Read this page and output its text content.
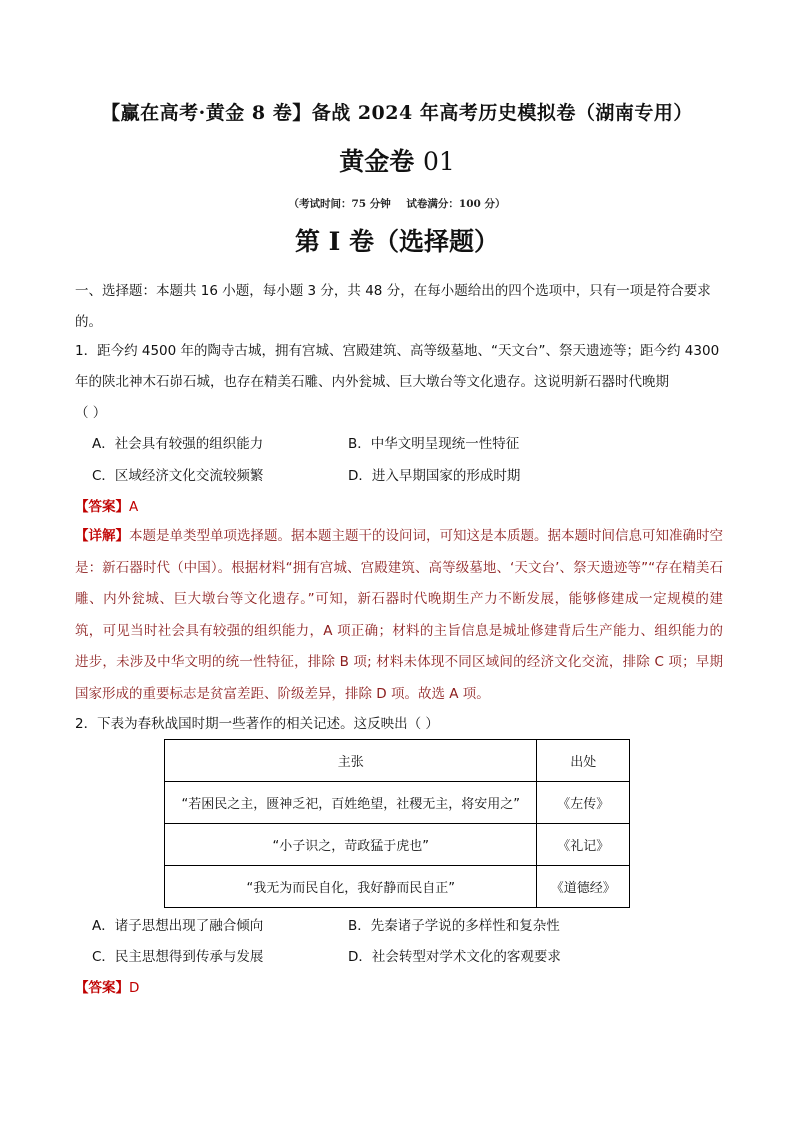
【赢在高考·黄金 8 卷】备战 2024 年高考历史模拟卷（湖南专用）
黄金卷 01
（考试时间：75 分钟 试卷满分：100 分）
第 I 卷（选择题）
一、选择题：本题共 16 小题，每小题 3 分，共 48 分，在每小题给出的四个选项中，只有一项是符合要求
的。
1．距今约 4500 年的陶寺古城，拥有宫城、宫殿建筑、高等级墓地、“天文台”、祭天遗迹等；距今约 4300
年的陕北神木石峁石城，也存在精美石雕、内外瓮城、巨大墩台等文化遗存。这说明新石器时代晚期
（ ）
A．社会具有较强的组织能力	B．中华文明呈现统一性特征
C．区域经济文化交流较频繁	D．进入早期国家的形成时期
【答案】A
【详解】本题是单类型单项选择题。据本题主题干的设问词，可知这是本质题。据本题时间信息可知准确时空是：新石器时代（中国）。根据材料“拥有宫城、宫殿建筑、高等级墓地、‘天文台’、祭天遗迹等”“存在精美石雕、内外瓮城、巨大墩台等文化遗存。”可知，新石器时代晚期生产力不断发展，能够修建成一定规模的建筑，可见当时社会具有较强的组织能力，A 项正确；材料的主旨信息是城址修建背后生产能力、组织能力的进步，未涉及中华文明的统一性特征，排除 B 项; 材料未体现不同区域间的经济文化交流，排除 C 项；早期国家形成的重要标志是贫富差距、阶级差异，排除 D 项。故选 A 项。
2．下表为春秋战国时期一些著作的相关记述。这反映出（ ）
主张	出处
“若困民之主，匮神乏祀，百姓绝望，社稷无主，将安用之”	《左传》
“小子识之，苛政猛于虎也”	《礼记》
“我无为而民自化，我好静而民自正”	《道德经》
A．诸子思想出现了融合倾向	B．先秦诸子学说的多样性和复杂性
C．民主思想得到传承与发展	D．社会转型对学术文化的客观要求
【答案】D
